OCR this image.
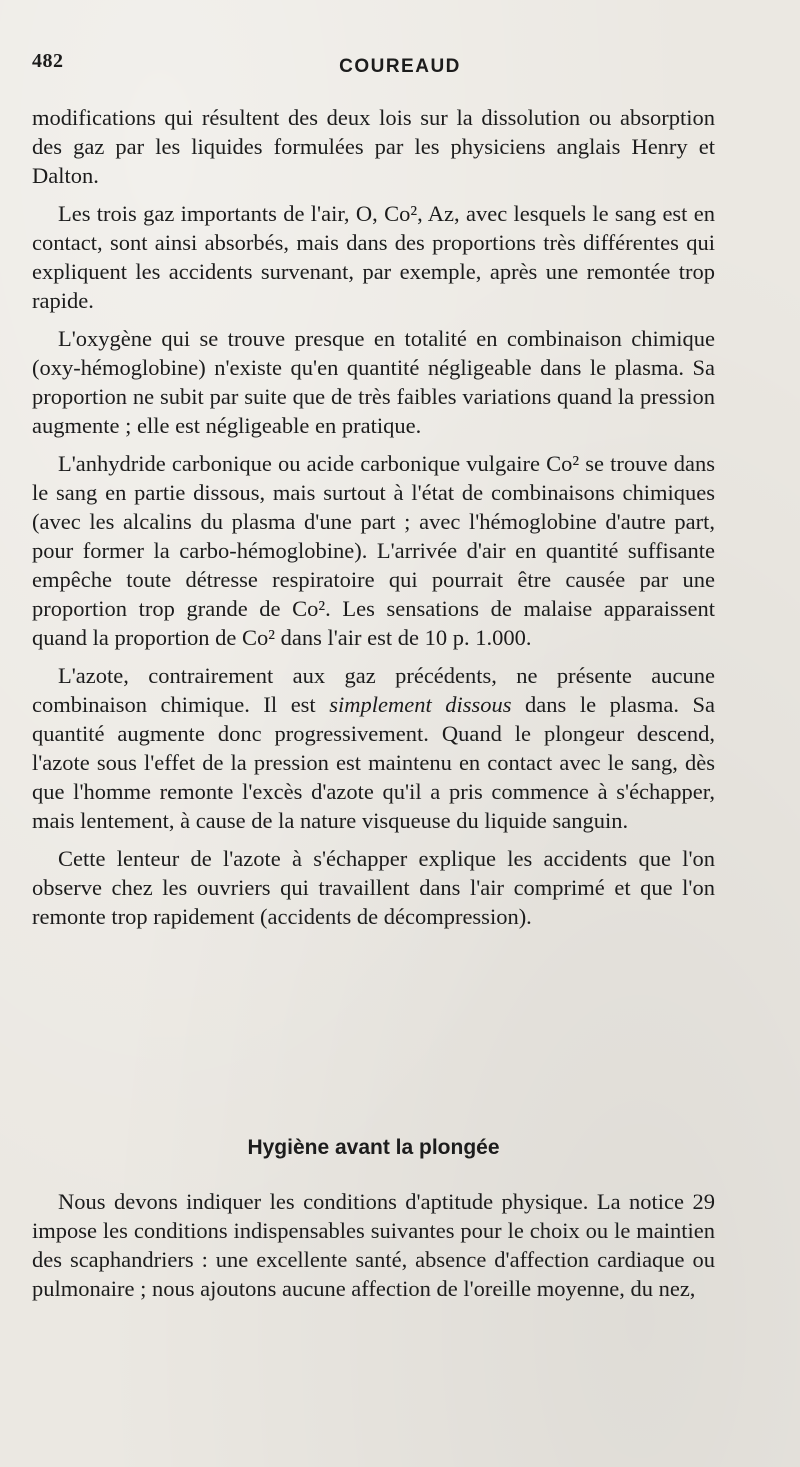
482	COUREAUD

modifications qui résultent des deux lois sur la dissolution ou absorption des gaz par les liquides formulées par les physiciens anglais Henry et Dalton.

Les trois gaz importants de l'air, O, Co², Az, avec lesquels le sang est en contact, sont ainsi absorbés, mais dans des proportions très différentes qui expliquent les accidents survenant, par exemple, après une remontée trop rapide.

L'oxygène qui se trouve presque en totalité en combinaison chimique (oxy-hémoglobine) n'existe qu'en quantité négligeable dans le plasma. Sa proportion ne subit par suite que de très faibles variations quand la pression augmente ; elle est négligeable en pratique.

L'anhydride carbonique ou acide carbonique vulgaire Co² se trouve dans le sang en partie dissous, mais surtout à l'état de combinaisons chimiques (avec les alcalins du plasma d'une part ; avec l'hémoglobine d'autre part, pour former la carbo-hémoglobine). L'arrivée d'air en quantité suffisante empêche toute détresse respiratoire qui pourrait être causée par une proportion trop grande de Co². Les sensations de malaise apparaissent quand la proportion de Co² dans l'air est de 10 p. 1.000.

L'azote, contrairement aux gaz précédents, ne présente aucune combinaison chimique. Il est simplement dissous dans le plasma. Sa quantité augmente donc progressivement. Quand le plongeur descend, l'azote sous l'effet de la pression est maintenu en contact avec le sang, dès que l'homme remonte l'excès d'azote qu'il a pris commence à s'échapper, mais lentement, à cause de la nature visqueuse du liquide sanguin.

Cette lenteur de l'azote à s'échapper explique les accidents que l'on observe chez les ouvriers qui travaillent dans l'air comprimé et que l'on remonte trop rapidement (accidents de décompression).

Hygiène avant la plongée

Nous devons indiquer les conditions d'aptitude physique. La notice 29 impose les conditions indispensables suivantes pour le choix ou le maintien des scaphandriers : une excellente santé, absence d'affection cardiaque ou pulmonaire ; nous ajoutons aucune affection de l'oreille moyenne, du nez,
